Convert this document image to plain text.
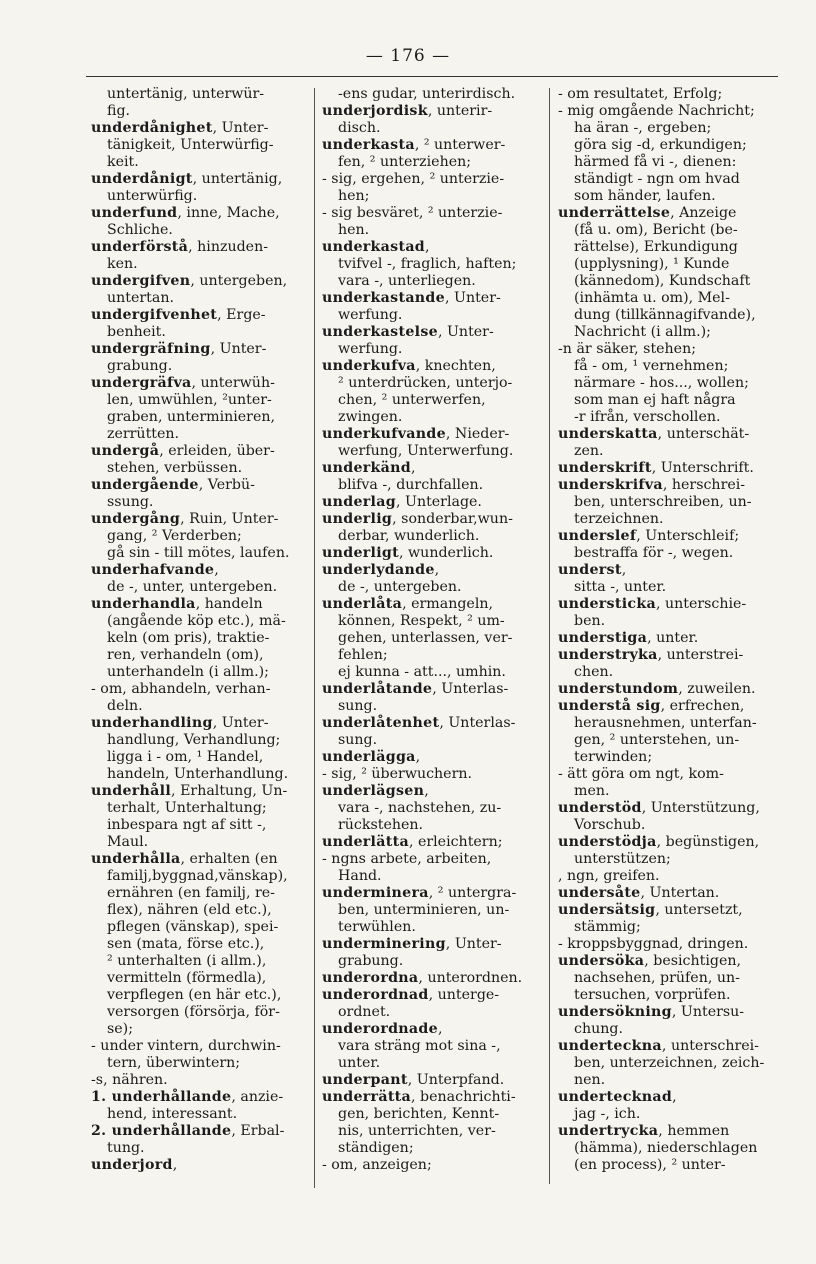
— 176 —
untertänig, unterwür-
fig.
underdånighet, Unter-
tänigkeit, Unterwürfig-
keit.
underdånigt, untertänig,
unterwürfig.
underfund, inne, Mache,
Schliche.
underförstå, hinzuden-
ken.
undergifven, untergeben,
untertan.
undergifvenhet, Erge-
benheit.
undergräfning, Unter-
grabung.
undergräfva, unterwüh-
len, umwühlen, ²unter-
graben, unterminieren,
zerrütten.
undergå, erleiden, über-
stehen, verbüssen.
undergående, Verbü-
ssung.
undergång, Ruin, Unter-
gang, ² Verderben;
gå sin - till mötes, laufen.
underhafvande,
de -, unter, untergeben.
underhandla, handeln
(angående köp etc.), mä-
keln (om pris), traktie-
ren, verhandeln (om),
unterhandeln (i allm.);
- om, abhandeln, verhan-
deln.
underhandling, Unter-
handlung, Verhandlung;
ligga i - om, ¹ Handel,
handeln, Unterhandlung.
underhåll, Erhaltung, Un-
terhalt, Unterhaltung;
inbespara ngt af sitt -,
Maul.
underhålla, erhalten (en
familj,byggnad,vänskap),
ernähren (en familj, re-
flex), nähren (eld etc.),
pflegen (vänskap), spei-
sen (mata, förse etc.),
² unterhalten (i allm.),
vermitteln (förmedla),
verpflegen (en här etc.),
versorgen (försörja, för-
se);
- under vintern, durchwin-
tern, überwintern;
-s, nähren.
1. underhållande, anzie-
hend, interessant.
2. underhållande, Erbal-
tung.
underjord,
-ens gudar, unterirdisch.
underjordisk, unterir-
disch.
underkasta, ² unterwer-
fen, ² unterziehen;
- sig, ergehen, ² unterzie-
hen;
- sig besväret, ² unterzie-
hen.
underkastad,
tvifvel -, fraglich, haften;
vara -, unterliegen.
underkastande, Unter-
werfung.
underkastelse, Unter-
werfung.
underkufva, knechten,
² unterdrücken, unterjo-
chen, ² unterwerfen,
zwingen.
underkufvande, Nieder-
werfung, Unterwerfung.
underkänd,
blifva -, durchfallen.
underlag, Unterlage.
underlig, sonderbar,wun-
derbar, wunderlich.
underligt, wunderlich.
underlydande,
de -, untergeben.
underlåta, ermangeln,
können, Respekt, ² um-
gehen, unterlassen, ver-
fehlen;
ej kunna - att..., umhin.
underlåtande, Unterlas-
sung.
underlåtenhet, Unterlas-
sung.
underlägga,
- sig, ² überwuchern.
underlägsen,
vara -, nachstehen, zu-
rückstehen.
underlätta, erleichtern;
- ngns arbete, arbeiten,
Hand.
underminera, ² untergra-
ben, unterminieren, un-
terwühlen.
underminering, Unter-
grabung.
underordna, unterordnen.
underordnad, unterge-
ordnet.
underordnade,
vara sträng mot sina -,
unter.
underpant, Unterpfand.
underrätta, benachrichti-
gen, berichten, Kennt-
nis, unterrichten, ver-
ständigen;
- om, anzeigen;
- om resultatet, Erfolg;
- mig omgående Nachricht;
ha äran -, ergeben;
göra sig -d, erkundigen;
härmed få vi -, dienen:
ständigt - ngn om hvad
som händer, laufen.
underrättelse, Anzeige
(få u. om), Bericht (be-
rättelse), Erkundigung
(upplysning), ¹ Kunde
(kännedom), Kundschaft
(inhämta u. om), Mel-
dung (tillkännagifvande),
Nachricht (i allm.);
-n är säker, stehen;
få - om, ¹ vernehmen;
närmare - hos..., wollen;
som man ej haft några
-r ifrån, verschollen.
underskatta, unterschät-
zen.
underskrift, Unterschrift.
underskrifva, herschrei-
ben, unterschreiben, un-
terzeichnen.
underslef, Unterschleif;
bestraffa för -, wegen.
underst,
sitta -, unter.
understicka, unterschie-
ben.
understiga, unter.
understryka, unterstrei-
chen.
understundom, zuweilen.
understå sig, erfrechen,
herausnehmen, unterfan-
gen, ² unterstehen, un-
terwinden;
- ätt göra om ngt, kom-
men.
understöd, Unterstützung,
Vorschub.
understödja, begünstigen,
unterstützen;
, ngn, greifen.
undersåte, Untertan.
undersätsig, untersetzt,
stämmig;
- kroppsbyggnad, dringen.
undersöka, besichtigen,
nachsehen, prüfen, un-
tersuchen, vorprüfen.
undersökning, Untersu-
chung.
underteckna, unterschrei-
ben, unterzeichnen, zeich-
nen.
undertecknad,
jag -, ich.
undertrycka, hemmen
(hämma), niederschlagen
(en process), ² unter-
